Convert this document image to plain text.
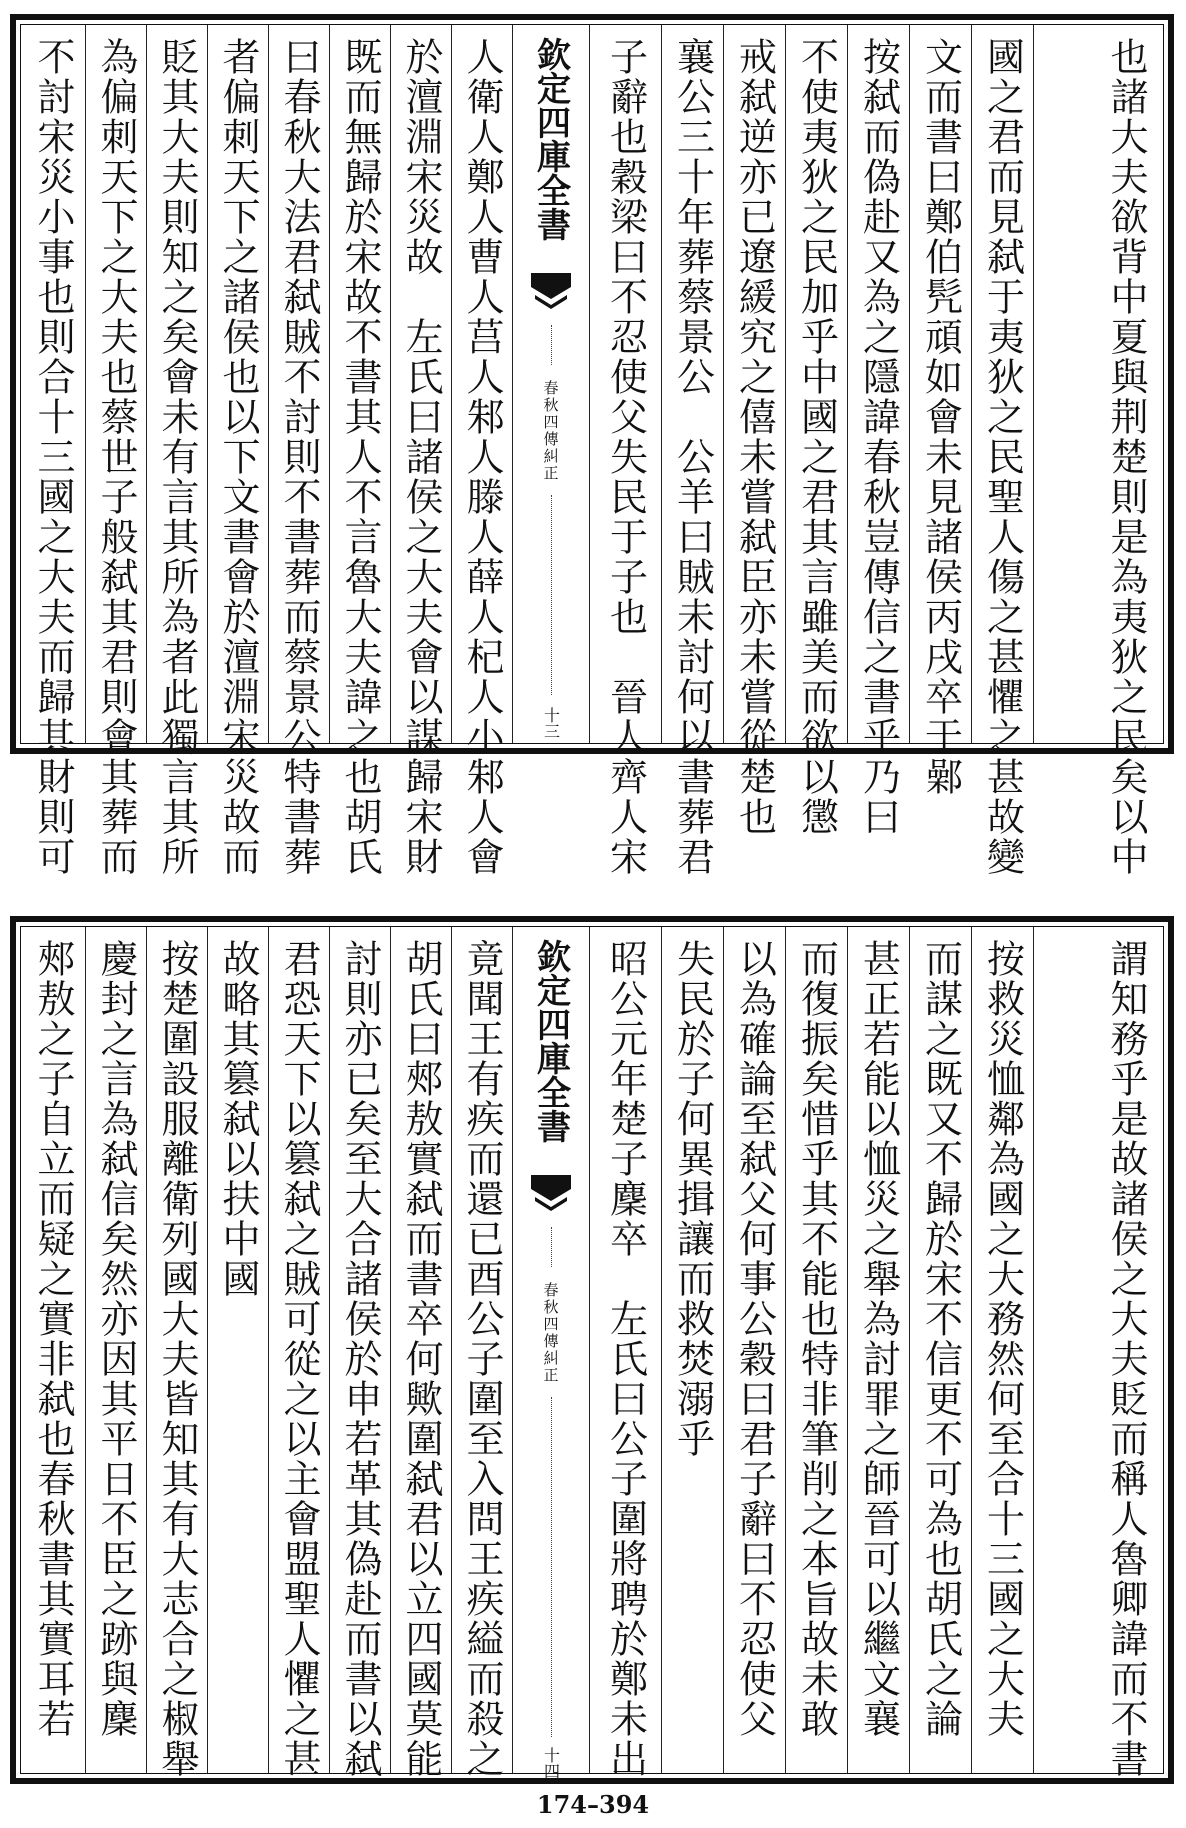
不討宋災小事也則合十三國之大夫而歸其財則可 為偏刺天下之大夫也蔡世子般弑其君則會其葬而 貶其大夫則知之矣會未有言其所為者此獨言其所 者偏刺天下之諸侯也以下文書會於澶淵宋災故而 曰春秋大法君弑賊不討則不書葬而蔡景公特書葬 既而無歸於宋故不書其人不言魯大夫諱之也胡氏 於澶淵宋災故　左氏曰諸侯之大夫會以謀歸宋財 人衛人鄭人曹人莒人邾人滕人薛人杞人小邾人會 欽定四庫全書
春秋四傳糾正
十三 子辭也穀梁曰不忍使父失民于子也　晉人齊人宋 襄公三十年葬蔡景公　公羊曰賊未討何以書葬君 戒弑逆亦已遼緩究之僖未嘗弑臣亦未嘗從楚也 不使夷狄之民加乎中國之君其言雖美而欲以懲 按弑而偽赴又為之隱諱春秋豈傳信之書乎乃曰 文而書曰鄭伯髠頑如會未見諸侯丙戌卒于鄵 國之君而見弑于夷狄之民聖人傷之甚懼之甚故變 也諸大夫欲背中夏與荆楚則是為夷狄之民矣以中
郟敖之子自立而疑之實非弑也春秋書其實耳若 慶封之言為弑信矣然亦因其平日不臣之跡與麇 按楚圍設服離衛列國大夫皆知其有大志合之椒舉 故略其篡弑以扶中國 君恐天下以篡弑之賊可從之以主會盟聖人懼之甚 討則亦已矣至大合諸侯於申若革其偽赴而書以弑 胡氏曰郟敖實弑而書卒何歟圍弑君以立四國莫能 竟聞王有疾而還已酉公子圍至入問王疾縊而殺之 欽定四庫全書
春秋四傳糾正
十四 昭公元年楚子麇卒　左氏曰公子圍將聘於鄭未出 失民於子何異揖讓而救焚溺乎 以為確論至弑父何事公穀曰君子辭曰不忍使父 而復振矣惜乎其不能也特非筆削之本旨故未敢 甚正若能以恤災之舉為討罪之師晉可以繼文襄 而謀之既又不歸於宋不信更不可為也胡氏之論 按救災恤鄰為國之大務然何至合十三國之大夫 謂知務乎是故諸侯之大夫貶而稱人魯卿諱而不書
174–394
